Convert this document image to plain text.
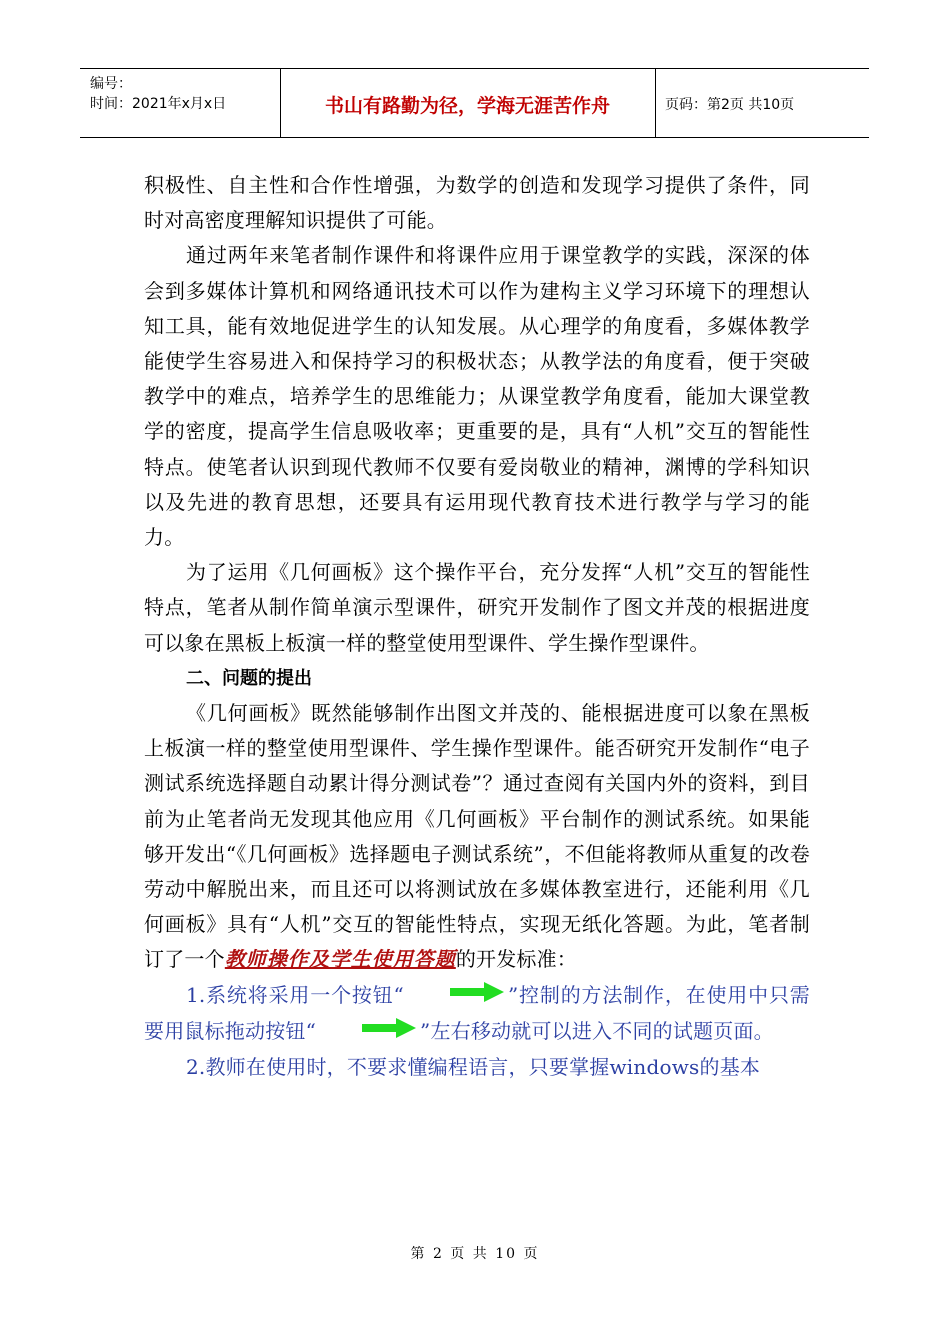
编号：
时间：2021年x月x日	书山有路勤为径，学海无涯苦作舟	页码：第2页 共10页

积极性、自主性和合作性增强，为数学的创造和发现学习提供了条件，同时对高密度理解知识提供了可能。

通过两年来笔者制作课件和将课件应用于课堂教学的实践，深深的体会到多媒体计算机和网络通讯技术可以作为建构主义学习环境下的理想认知工具，能有效地促进学生的认知发展。从心理学的角度看，多媒体教学能使学生容易进入和保持学习的积极状态；从教学法的角度看，便于突破教学中的难点，培养学生的思维能力；从课堂教学角度看，能加大课堂教学的密度，提高学生信息吸收率；更重要的是，具有“人机”交互的智能性特点。使笔者认识到现代教师不仅要有爱岗敬业的精神，渊博的学科知识以及先进的教育思想，还要具有运用现代教育技术进行教学与学习的能力。

为了运用《几何画板》这个操作平台，充分发挥“人机”交互的智能性特点，笔者从制作简单演示型课件，研究开发制作了图文并茂的根据进度可以象在黑板上板演一样的整堂使用型课件、学生操作型课件。

二、问题的提出

《几何画板》既然能够制作出图文并茂的、能根据进度可以象在黑板上板演一样的整堂使用型课件、学生操作型课件。能否研究开发制作“电子测试系统选择题自动累计得分测试卷”？通过查阅有关国内外的资料，到目前为止笔者尚无发现其他应用《几何画板》平台制作的测试系统。如果能够开发出“《几何画板》选择题电子测试系统”，不但能将教师从重复的改卷劳动中解脱出来，而且还可以将测试放在多媒体教室进行，还能利用《几何画板》具有“人机”交互的智能性特点，实现无纸化答题。为此，笔者制订了一个教师操作及学生使用答题的开发标准：

1.系统将采用一个按钮“	”控制的方法制作，在使用中只需要用鼠标拖动按钮“	”左右移动就可以进入不同的试题页面。

2.教师在使用时，不要求懂编程语言，只要掌握windows的基本

第 2 页 共 10 页
